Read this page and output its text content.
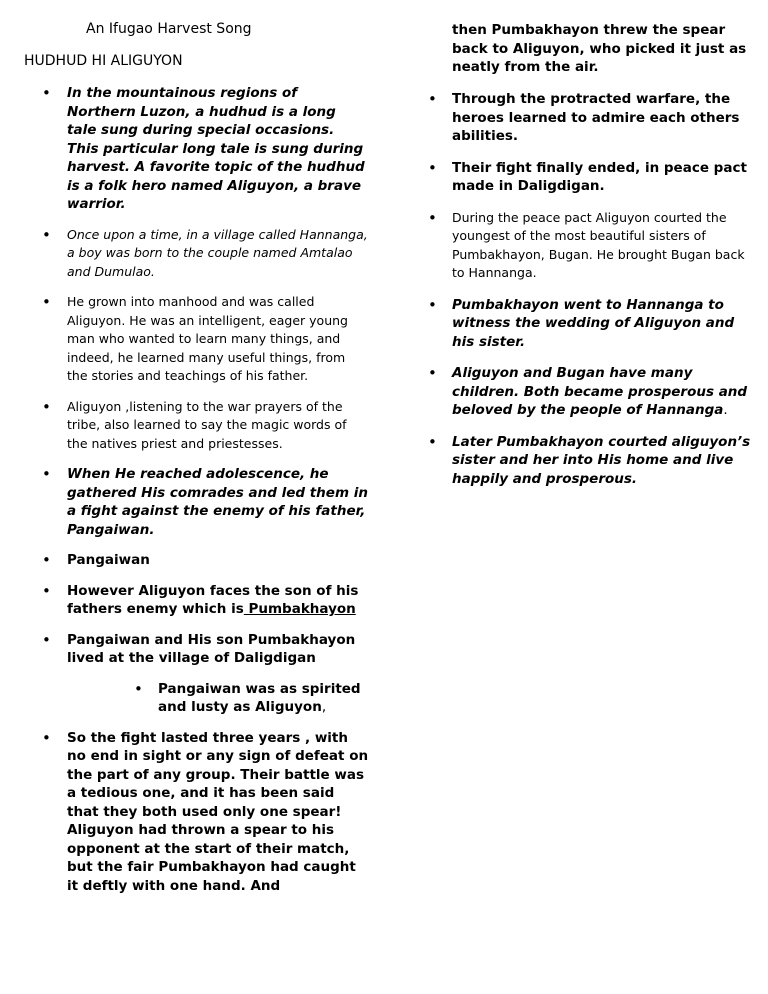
An Ifugao Harvest Song

HUDHUD HI ALIGUYON

• In the mountainous regions of Northern Luzon, a hudhud is a long tale sung during special occasions. This particular long tale is sung during harvest. A favorite topic of the hudhud is a folk hero named Aliguyon, a brave warrior.
• Once upon a time, in a village called Hannanga, a boy was born to the couple named Amtalao and Dumulao.
• He grown into manhood and was called Aliguyon. He was an intelligent, eager young man who wanted to learn many things, and indeed, he learned many useful things, from the stories and teachings of his father.
• Aliguyon ,listening to the war prayers of the tribe, also learned to say the magic words of the natives priest and priestesses.
• When He reached adolescence, he gathered His comrades and led them in a fight against the enemy of his father, Pangaiwan.
• Pangaiwan
• However Aliguyon faces the son of his fathers enemy which is Pumbakhayon
• Pangaiwan and His son Pumbakhayon lived at the village of Daligdigan
• Pangaiwan was as spirited and lusty as Aliguyon,
• So the fight lasted three years , with no end in sight or any sign of defeat on the part of any group. Their battle was a tedious one, and it has been said that they both used only one spear! Aliguyon had thrown a spear to his opponent at the start of their match, but the fair Pumbakhayon had caught it deftly with one hand. And

then Pumbakhayon threw the spear back to Aliguyon, who picked it just as neatly from the air.

• Through the protracted warfare, the heroes learned to admire each others abilities.
• Their fight finally ended, in peace pact made in Daligdigan.
• During the peace pact Aliguyon courted the youngest of the most beautiful sisters of Pumbakhayon, Bugan. He brought Bugan back to Hannanga.
• Pumbakhayon went to Hannanga to witness the wedding of Aliguyon and his sister.
• Aliguyon and Bugan have many children. Both became prosperous and beloved by the people of Hannanga.
• Later Pumbakhayon courted aliguyon’s sister and her into His home and live happily and prosperous.
